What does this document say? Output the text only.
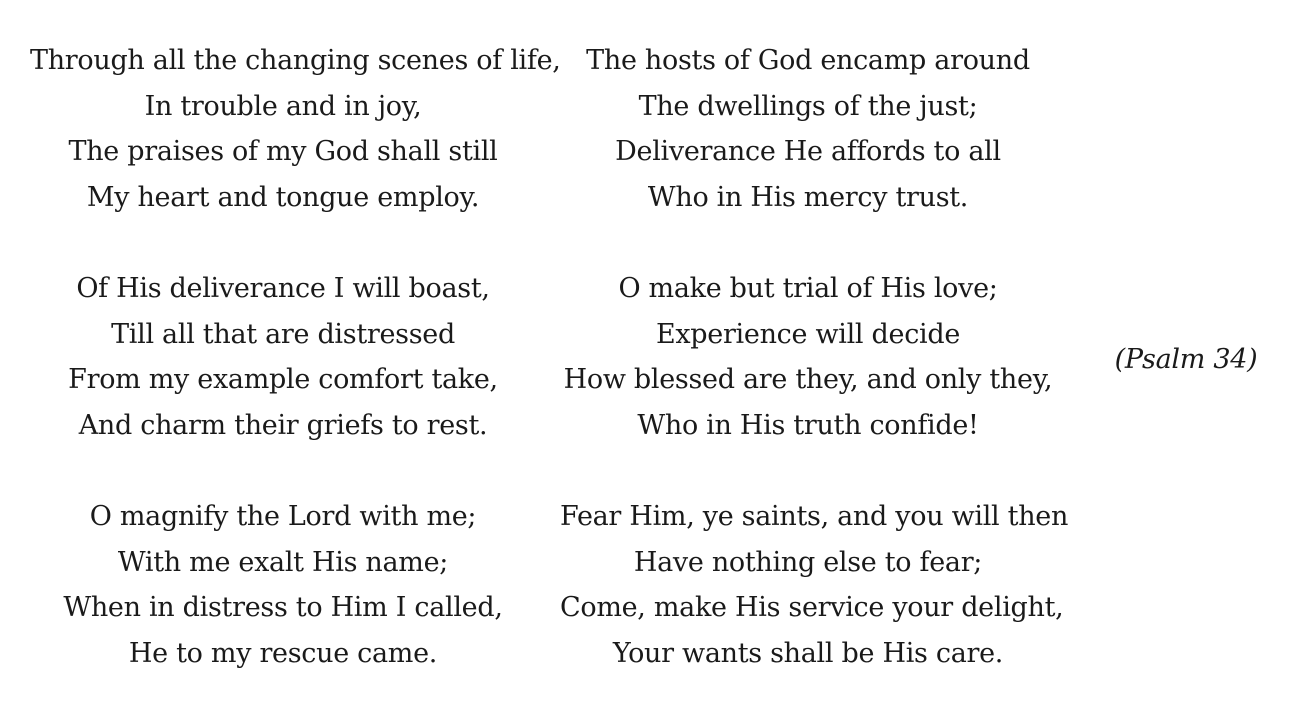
Through all the changing scenes of life,
In trouble and in joy,
The praises of my God shall still
My heart and tongue employ.
Of His deliverance I will boast,
Till all that are distressed
From my example comfort take,
And charm their griefs to rest.
O magnify the Lord with me;
With me exalt His name;
When in distress to Him I called,
He to my rescue came.
The hosts of God encamp around
The dwellings of the just;
Deliverance He affords to all
Who in His mercy trust.
O make but trial of His love;
Experience will decide
How blessed are they, and only they,
Who in His truth confide!
Fear Him, ye saints, and you will then
Have nothing else to fear;
Come, make His service your delight,
Your wants shall be His care.
(Psalm 34)
